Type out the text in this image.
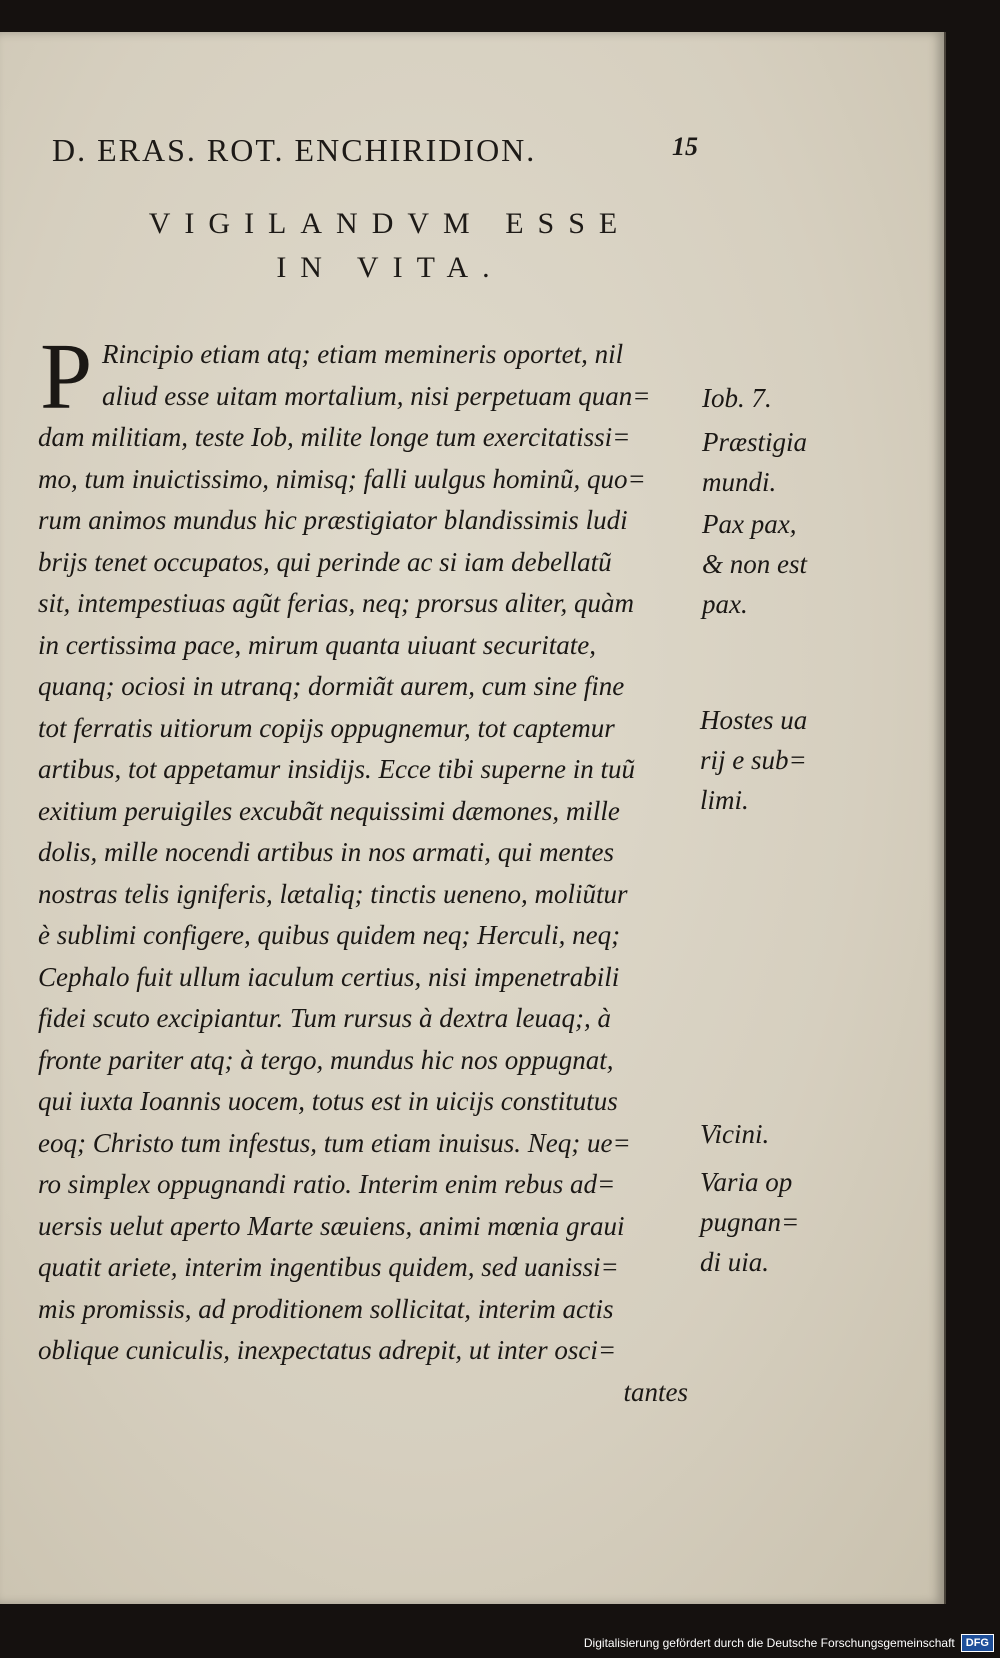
D. ERAS. ROT. ENCHIRIDION.	15
VIGILANDVM ESSE
IN VITA.
P Rincipio etiam atq; etiam memineris oportet, nil
aliud esse uitam mortalium, nisi perpetuam quan=
dam militiam, teste Iob, milite longe tum exercitatissi=
mo, tum inuictissimo, nimisq; falli uulgus hominũ, quo=
rum animos mundus hic præstigiator blandissimis ludi
brijs tenet occupatos, qui perinde ac si iam debellatũ
sit, intempestiuas agũt ferias, neq; prorsus aliter, quàm
in certissima pace, mirum quanta uiuant securitate,
quanq; ociosi in utranq; dormiãt aurem, cum sine fine
tot ferratis uitiorum copijs oppugnemur, tot captemur
artibus, tot appetamur insidijs. Ecce tibi superne in tuũ
exitium peruigiles excubãt nequissimi dæmones, mille
dolis, mille nocendi artibus in nos armati, qui mentes
nostras telis igniferis, lætaliq; tinctis ueneno, moliũtur
è sublimi configere, quibus quidem neq; Herculi, neq;
Cephalo fuit ullum iaculum certius, nisi impenetrabili
fidei scuto excipiantur. Tum rursus à dextra leuaq;, à
fronte pariter atq; à tergo, mundus hic nos oppugnat,
qui iuxta Ioannis uocem, totus est in uicijs constitutus
eoq; Christo tum infestus, tum etiam inuisus. Neq; ue=
ro simplex oppugnandi ratio. Interim enim rebus ad=
uersis uelut aperto Marte sæuiens, animi mœnia graui
quatit ariete, interim ingentibus quidem, sed uanissi=
mis promissis, ad proditionem sollicitat, interim actis
oblique cuniculis, inexpectatus adrepit, ut inter osci=
tantes
Iob. 7.
Præstigia
mundi.
Pax pax,
& non est
pax.
Hostes ua
rij e sub=
limi.
Vicini.
Varia op
pugnan=
di uia.
Digitalisierung gefördert durch die Deutsche Forschungsgemeinschaft	DFG
